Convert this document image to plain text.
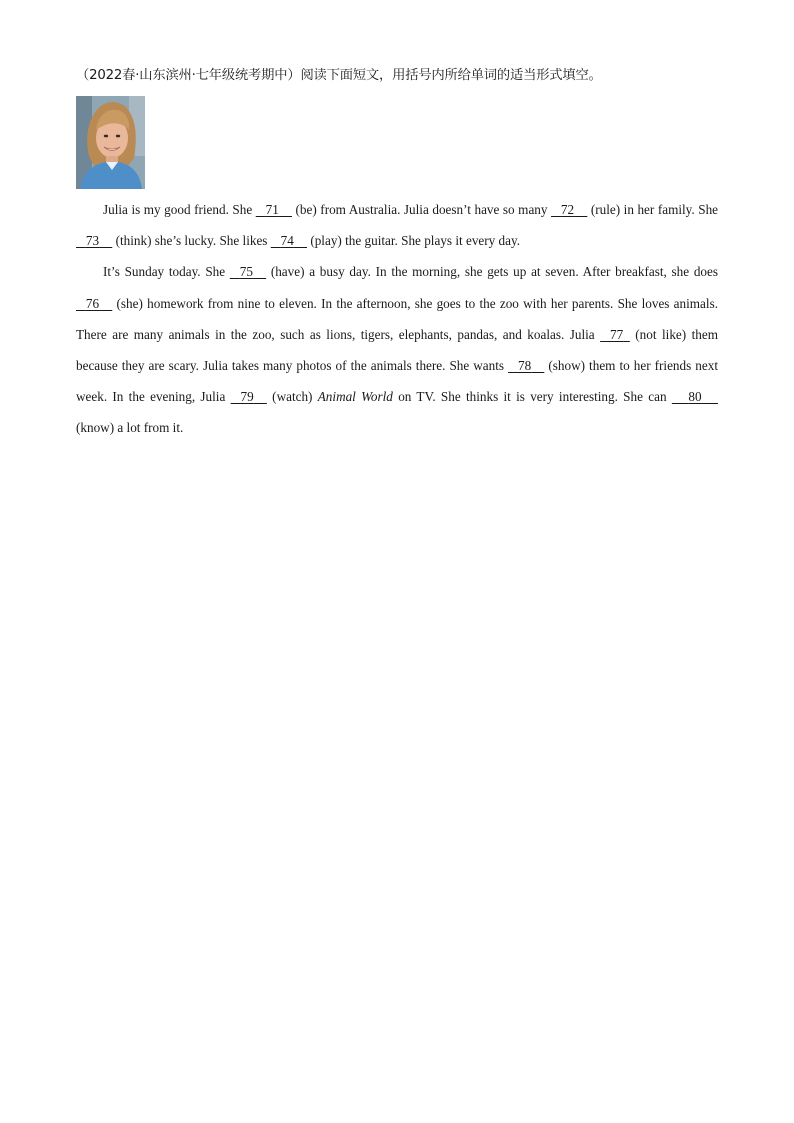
（2022春·山东滨州·七年级统考期中）阅读下面短文，用括号内所给单词的适当形式填空。

Julia is my good friend. She    71     (be) from Australia. Julia doesn’t have so many    72     (rule) in her family. She    73     (think) she’s lucky. She likes    74     (play) the guitar. She plays it every day.

It’s Sunday today. She    75     (have) a busy day. In the morning, she gets up at seven. After breakfast, she does    76     (she) homework from nine to eleven. In the afternoon, she goes to the zoo with her parents. She loves animals. There are many animals in the zoo, such as lions, tigers, elephants, pandas, and koalas. Julia    77   (not like) them because they are scary. Julia takes many photos of the animals there. She wants    78     (show) them to her friends next week. In the evening, Julia    79     (watch) Animal World on TV. She thinks it is very interesting. She can      80      (know) a lot from it.
